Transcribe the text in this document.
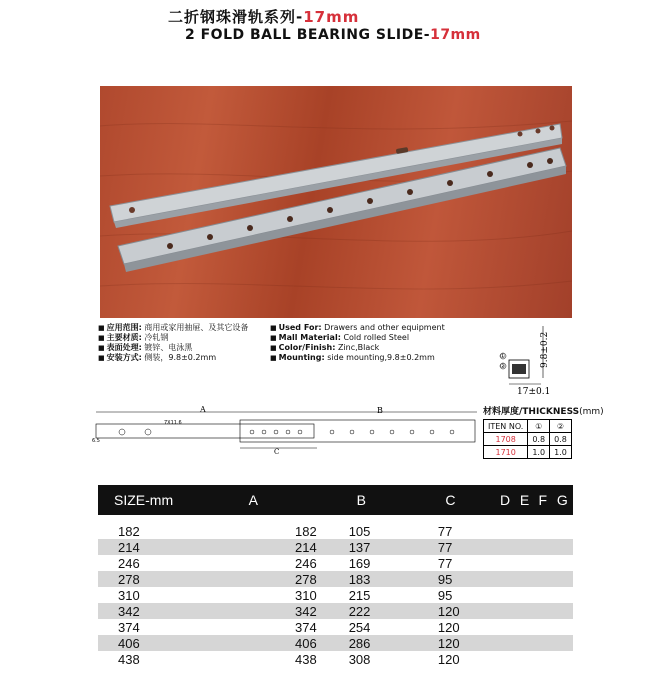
二折钢珠滑轨系列-17mm
2 FOLD BALL BEARING SLIDE-17mm
■ 应用范围: 商用或家用抽屉、及其它设备
■ 主要材质: 冷轧钢
■ 表面处理: 镀锌、电泳黑
■ 安装方式: 侧装，9.8±0.2mm
■ Used For: Drawers and other equipment
■ Mall Material: Cold rolled Steel
■ Color/Finish: Zinc,Black
■ Mounting: side mounting,9.8±0.2mm	9.8±0.2
①
②
17±0.1
材料厚度/THICKNESS(mm)
ITEN NO.	①	②
1708	0.8	0.8
1710	1.0	1.0
A	B
7X11.6
6.5
C
SIZE-mm	A	B	C	D	E	F	G

182	182	105	77				
214	214	137	77				
246	246	169	77				
278	278	183	95				
310	310	215	95				
342	342	222	120				
374	374	254	120				
406	406	286	120				
438	438	308	120				
